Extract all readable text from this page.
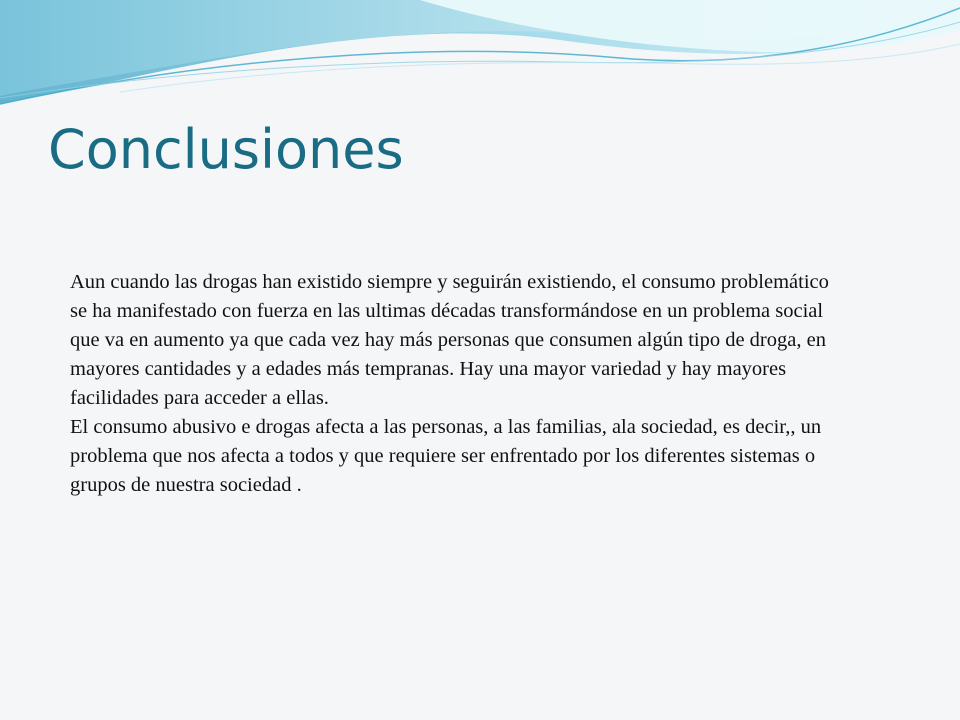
Conclusiones

Aun cuando las drogas han existido siempre y seguirán existiendo, el consumo problemático se ha manifestado con fuerza en las ultimas décadas transformándose en un problema social que va en aumento ya que cada vez hay más personas que consumen algún tipo de droga, en mayores cantidades y a edades más tempranas. Hay una mayor variedad y hay mayores facilidades para acceder a ellas.

El consumo abusivo e drogas afecta a las personas, a las familias, ala sociedad, es decir,, un problema que nos afecta a todos y que requiere ser enfrentado por los diferentes sistemas o grupos de nuestra sociedad .
